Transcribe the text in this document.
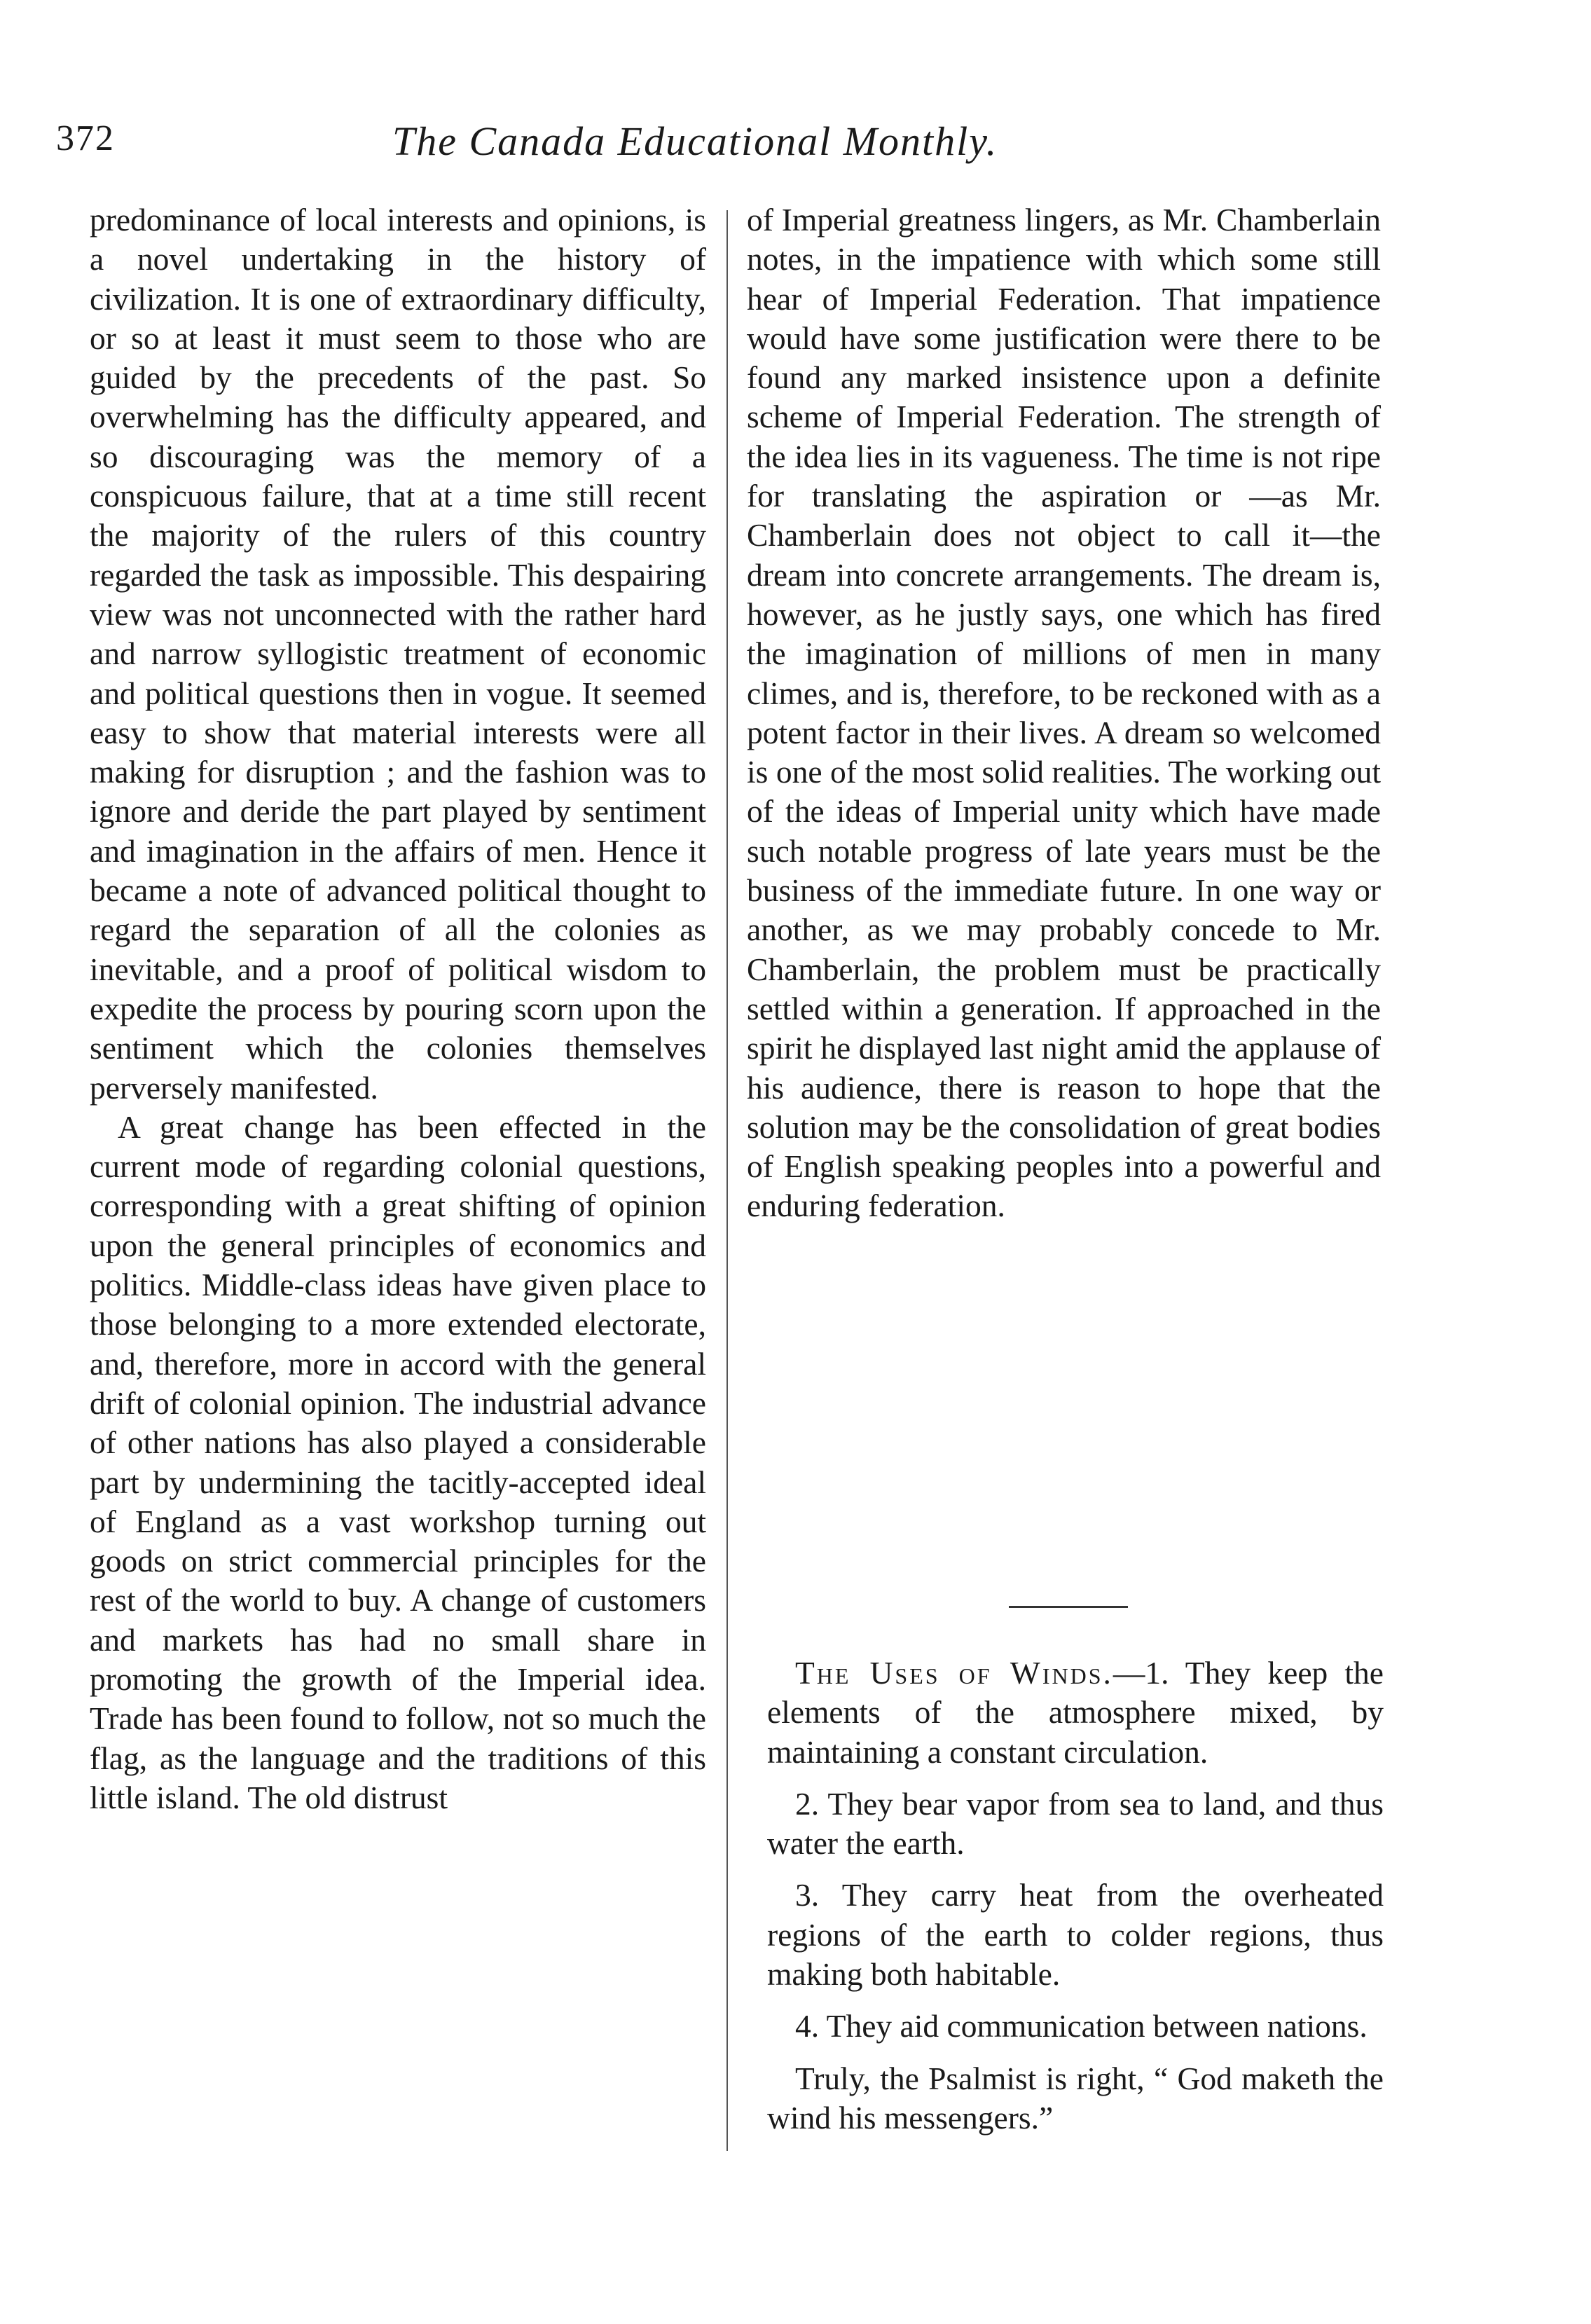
372	The Canada Educational Monthly.

predominance of local interests and opinions, is a novel undertaking in the history of civilization. It is one of extraordinary difficulty, or so at least it must seem to those who are guided by the precedents of the past. So overwhelming has the difficulty appeared, and so discouraging was the memory of a conspicuous failure, that at a time still recent the majority of the rulers of this country regarded the task as impossible. This despairing view was not unconnected with the rather hard and narrow syllogistic treatment of economic and political questions then in vogue. It seemed easy to show that material interests were all making for disruption ; and the fashion was to ignore and deride the part played by sentiment and imagination in the affairs of men. Hence it became a note of advanced political thought to regard the separation of all the colonies as inevitable, and a proof of political wisdom to expedite the process by pouring scorn upon the sentiment which the colonies themselves perversely manifested.

A great change has been effected in the current mode of regarding colonial questions, corresponding with a great shifting of opinion upon the general principles of economics and politics. Middle-class ideas have given place to those belonging to a more extended electorate, and, therefore, more in accord with the general drift of colonial opinion. The industrial advance of other nations has also played a considerable part by undermining the tacitly-accepted ideal of England as a vast workshop turning out goods on strict commercial principles for the rest of the world to buy. A change of customers and markets has had no small share in promoting the growth of the Imperial idea. Trade has been found to follow, not so much the flag, as the language and the traditions of this little island. The old distrust

of Imperial greatness lingers, as Mr. Chamberlain notes, in the impatience with which some still hear of Imperial Federation. That impatience would have some justification were there to be found any marked insistence upon a definite scheme of Imperial Federation. The strength of the idea lies in its vagueness. The time is not ripe for translating the aspiration or —as Mr. Chamberlain does not object to call it—the dream into concrete arrangements. The dream is, however, as he justly says, one which has fired the imagination of millions of men in many climes, and is, therefore, to be reckoned with as a potent factor in their lives. A dream so welcomed is one of the most solid realities. The working out of the ideas of Imperial unity which have made such notable progress of late years must be the business of the immediate future. In one way or another, as we may probably concede to Mr. Chamberlain, the problem must be practically settled within a generation. If approached in the spirit he displayed last night amid the applause of his audience, there is reason to hope that the solution may be the consolidation of great bodies of English speaking peoples into a powerful and enduring federation.

The Uses of Winds.—1. They keep the elements of the atmosphere mixed, by maintaining a constant circulation.

2. They bear vapor from sea to land, and thus water the earth.

3. They carry heat from the overheated regions of the earth to colder regions, thus making both habitable.

4. They aid communication between nations.

Truly, the Psalmist is right, “ God maketh the wind his messengers.”
